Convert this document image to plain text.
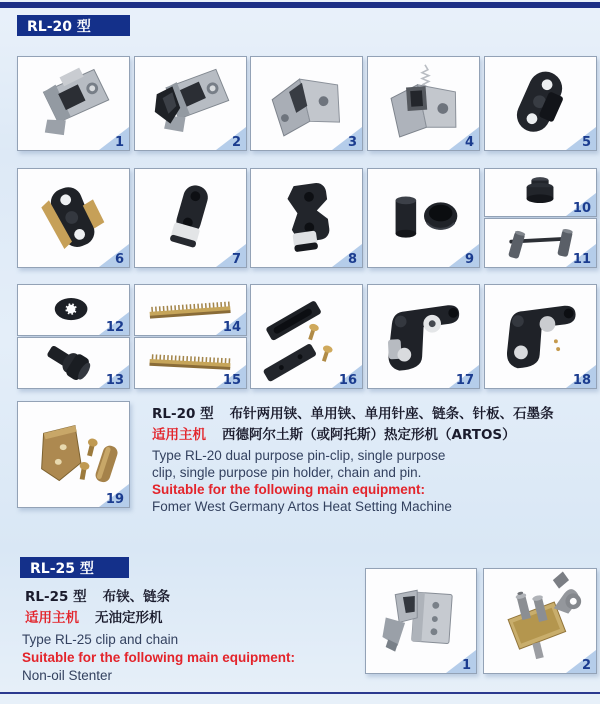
RL-20 型
1	2	3	4	5
6	7	8	9
10
11
12
13
14
15	16	17	18
19
RL-20 型 布针两用铗、单用铗、单用针座、链条、针板、石墨条
适用主机 西德阿尔土斯（或阿托斯）热定形机（ARTOS）
Type RL-20 dual purpose pin-clip, single purpose
clip, single purpose pin holder, chain and pin.
Suitable for the following main equipment:
Fomer West Germany Artos Heat Setting Machine
RL-25 型
RL-25 型 布铗、链条
适用主机 无油定形机
Type RL-25 clip and chain
Suitable for the following main equipment:
Non-oil Stenter
1	2
